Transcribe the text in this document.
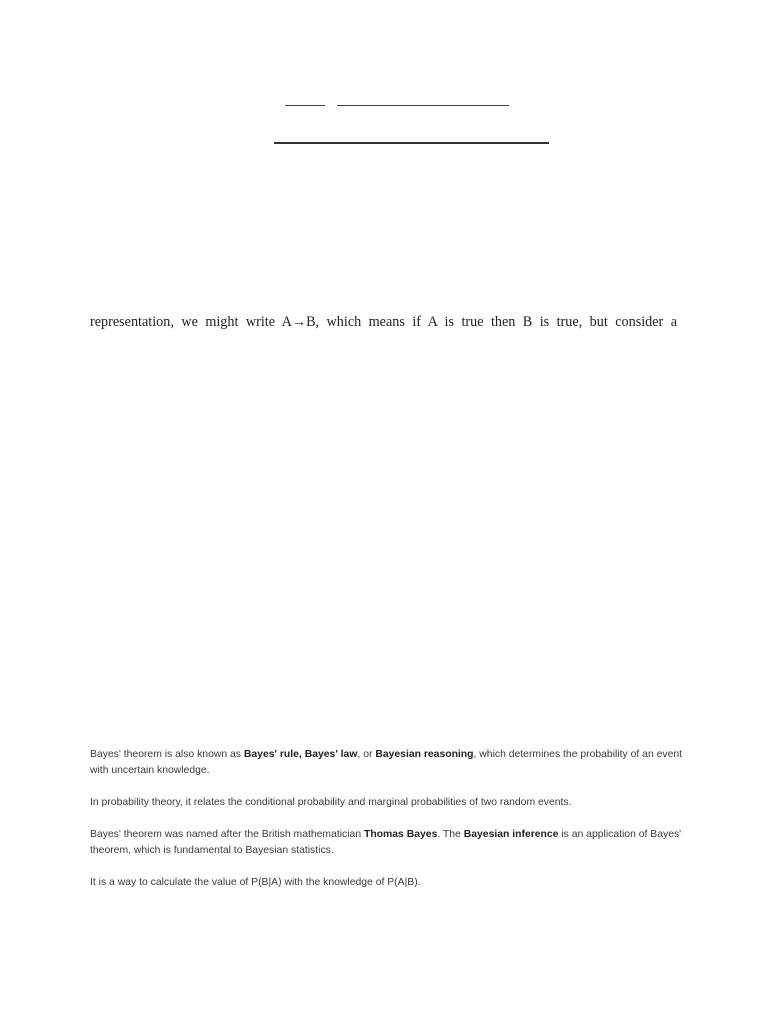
representation, we might write A→B, which means if A is true then B is true, but consider a

Bayes' theorem is also known as Bayes' rule, Bayes' law, or Bayesian reasoning, which determines the probability of an event with uncertain knowledge.

In probability theory, it relates the conditional probability and marginal probabilities of two random events.

Bayes' theorem was named after the British mathematician Thomas Bayes. The Bayesian inference is an application of Bayes' theorem, which is fundamental to Bayesian statistics.

It is a way to calculate the value of P(B|A) with the knowledge of P(A|B).
